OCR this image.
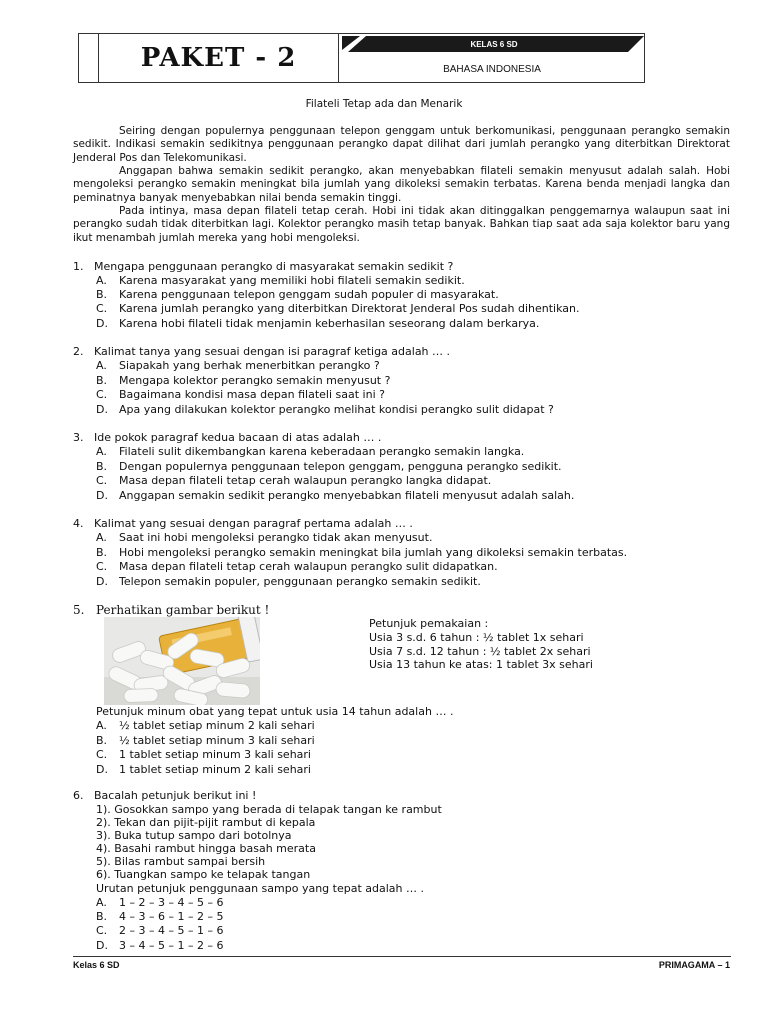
PAKET - 2	KELAS 6 SD
BAHASA INDONESIA
Filateli Tetap ada dan Menarik
Seiring dengan populernya penggunaan telepon genggam untuk berkomunikasi, penggunaan perangko semakin sedikit. Indikasi semakin sedikitnya penggunaan perangko dapat dilihat dari jumlah perangko yang diterbitkan Direktorat Jenderal Pos dan Telekomunikasi.
Anggapan bahwa semakin sedikit perangko, akan menyebabkan filateli semakin menyusut adalah salah. Hobi mengoleksi perangko semakin meningkat bila jumlah yang dikoleksi semakin terbatas. Karena benda menjadi langka dan peminatnya banyak menyebabkan nilai benda semakin tinggi.
Pada intinya, masa depan filateli tetap cerah. Hobi ini tidak akan ditinggalkan penggemarnya walaupun saat ini perangko sudah tidak diterbitkan lagi. Kolektor perangko masih tetap banyak. Bahkan tiap saat ada saja kolektor baru yang ikut menambah jumlah mereka yang hobi mengoleksi.
1. Mengapa penggunaan perangko di masyarakat semakin sedikit ?
A. Karena masyarakat yang memiliki hobi filateli semakin sedikit.
B. Karena penggunaan telepon genggam sudah populer di masyarakat.
C. Karena jumlah perangko yang diterbitkan Direktorat Jenderal Pos sudah dihentikan.
D. Karena hobi filateli tidak menjamin keberhasilan seseorang dalam berkarya.
2. Kalimat tanya yang sesuai dengan isi paragraf ketiga adalah … .
A. Siapakah yang berhak menerbitkan perangko ?
B. Mengapa kolektor perangko semakin menyusut ?
C. Bagaimana kondisi masa depan filateli saat ini ?
D. Apa yang dilakukan kolektor perangko melihat kondisi perangko sulit didapat ?
3. Ide pokok paragraf kedua bacaan di atas adalah … .
A. Filateli sulit dikembangkan karena keberadaan perangko semakin langka.
B. Dengan populernya penggunaan telepon genggam, pengguna perangko sedikit.
C. Masa depan filateli tetap cerah walaupun perangko langka didapat.
D. Anggapan semakin sedikit perangko menyebabkan filateli menyusut adalah salah.
4. Kalimat yang sesuai dengan paragraf pertama adalah … .
A. Saat ini hobi mengoleksi perangko tidak akan menyusut.
B. Hobi mengoleksi perangko semakin meningkat bila jumlah yang dikoleksi semakin terbatas.
C. Masa depan filateli tetap cerah walaupun perangko sulit didapatkan.
D. Telepon semakin populer, penggunaan perangko semakin sedikit.
5. Perhatikan gambar berikut !
Petunjuk pemakaian :
Usia 3 s.d. 6 tahun : ½ tablet 1x sehari
Usia 7 s.d. 12 tahun : ½ tablet 2x sehari
Usia 13 tahun ke atas: 1 tablet 3x sehari
Petunjuk minum obat yang tepat untuk usia 14 tahun adalah … .
A. ½ tablet setiap minum 2 kali sehari
B. ½ tablet setiap minum 3 kali sehari
C. 1 tablet setiap minum 3 kali sehari
D. 1 tablet setiap minum 2 kali sehari
6. Bacalah petunjuk berikut ini !
1). Gosokkan sampo yang berada di telapak tangan ke rambut
2). Tekan dan pijit-pijit rambut di kepala
3). Buka tutup sampo dari botolnya
4). Basahi rambut hingga basah merata
5). Bilas rambut sampai bersih
6). Tuangkan sampo ke telapak tangan
Urutan petunjuk penggunaan sampo yang tepat adalah … .
A. 1 – 2 – 3 – 4 – 5 – 6
B. 4 – 3 – 6 – 1 – 2 – 5
C. 2 – 3 – 4 – 5 – 1 – 6
D. 3 – 4 – 5 – 1 – 2 – 6
Kelas 6 SD	PRIMAGAMA – 1
